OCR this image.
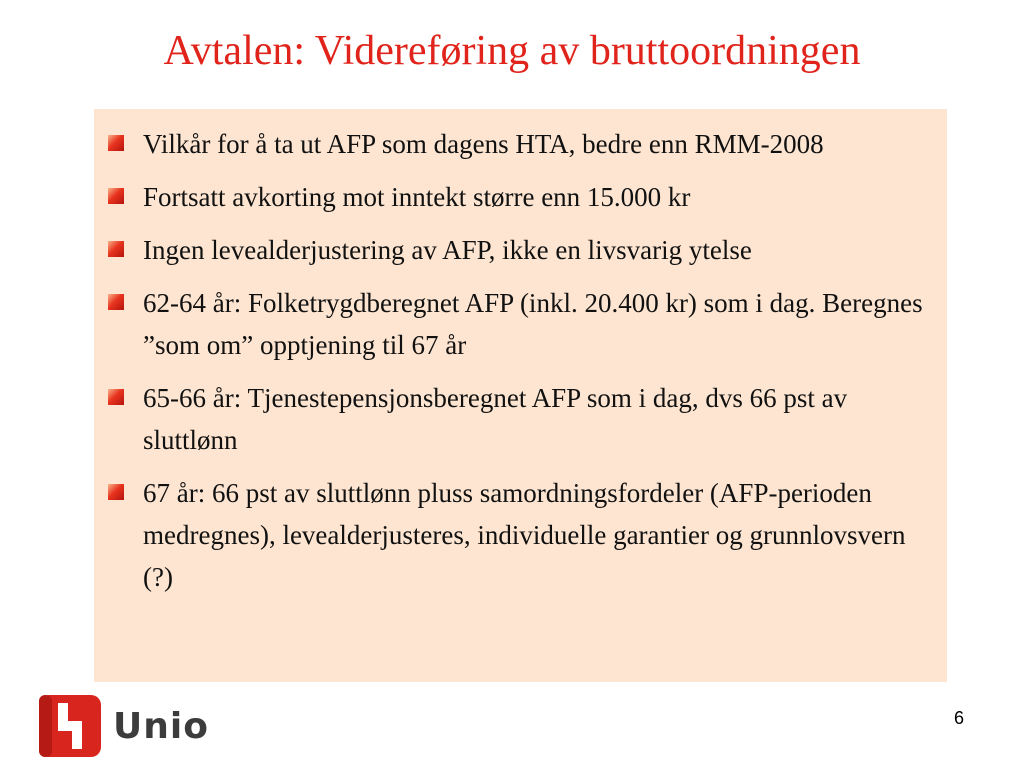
Avtalen: Videreføring av bruttoordningen
Vilkår for å ta ut AFP som dagens HTA, bedre enn RMM-2008
Fortsatt avkorting mot inntekt større enn 15.000 kr
Ingen levealderjustering av AFP, ikke en livsvarig ytelse
62-64 år: Folketrygdberegnet AFP (inkl. 20.400 kr) som i dag. Beregnes ”som om” opptjening til 67 år
65-66 år: Tjenestepensjonsberegnet AFP som i dag, dvs 66 pst av sluttlønn
67 år: 66 pst av sluttlønn pluss samordningsfordeler (AFP-perioden medregnes), levealderjusteres, individuelle garantier og grunnlovsvern (?)
Unio	6
